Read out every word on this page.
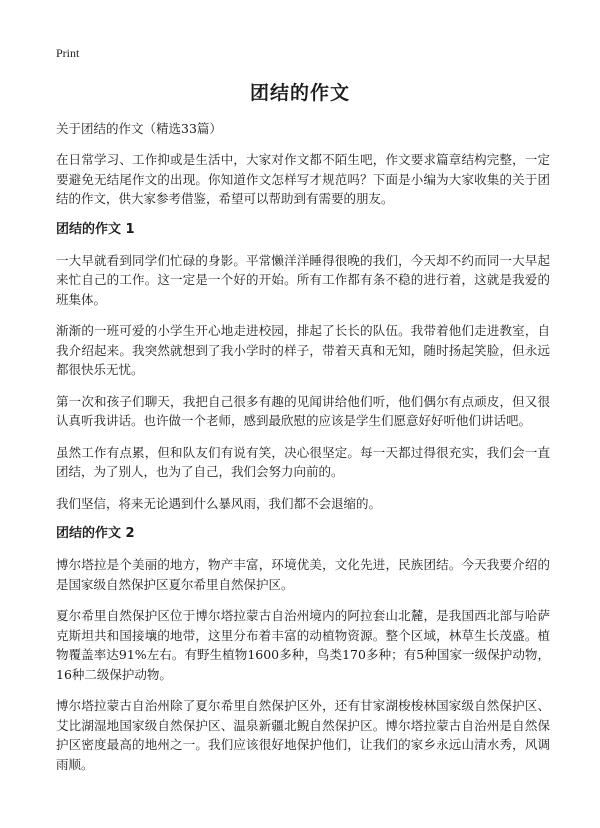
Print
团结的作文

关于团结的作文（精选33篇）

在日常学习、工作抑或是生活中，大家对作文都不陌生吧，作文要求篇章结构完整，一定要避免无结尾作文的出现。你知道作文怎样写才规范吗？下面是小编为大家收集的关于团结的作文，供大家参考借鉴，希望可以帮助到有需要的朋友。

团结的作文 1

一大早就看到同学们忙碌的身影。平常懒洋洋睡得很晚的我们，今天却不约而同一大早起来忙自己的工作。这一定是一个好的开始。所有工作都有条不稳的进行着，这就是我爱的班集体。

渐渐的一班可爱的小学生开心地走进校园，排起了长长的队伍。我带着他们走进教室，自我介绍起来。我突然就想到了我小学时的样子，带着天真和无知，随时扬起笑脸，但永远都很快乐无忧。

第一次和孩子们聊天，我把自己很多有趣的见闻讲给他们听，他们偶尔有点顽皮，但又很认真听我讲话。也许做一个老师，感到最欣慰的应该是学生们愿意好好听他们讲话吧。

虽然工作有点累，但和队友们有说有笑，决心很坚定。每一天都过得很充实，我们会一直团结，为了别人，也为了自己，我们会努力向前的。

我们坚信，将来无论遇到什么暴风雨，我们都不会退缩的。

团结的作文 2

博尔塔拉是个美丽的地方，物产丰富，环境优美，文化先进，民族团结。今天我要介绍的是国家级自然保护区夏尔希里自然保护区。

夏尔希里自然保护区位于博尔塔拉蒙古自治州境内的阿拉套山北麓，是我国西北部与哈萨克斯坦共和国接壤的地带，这里分布着丰富的动植物资源。整个区域，林草生长茂盛。植物覆盖率达91%左右。有野生植物1600多种，鸟类170多种；有5种国家一级保护动物，16种二级保护动物。

博尔塔拉蒙古自治州除了夏尔希里自然保护区外，还有甘家湖梭梭林国家级自然保护区、艾比湖湿地国家级自然保护区、温泉新疆北鲵自然保护区。博尔塔拉蒙古自治州是自然保护区密度最高的地州之一。我们应该很好地保护他们，让我们的家乡永远山清水秀，风调雨顺。
